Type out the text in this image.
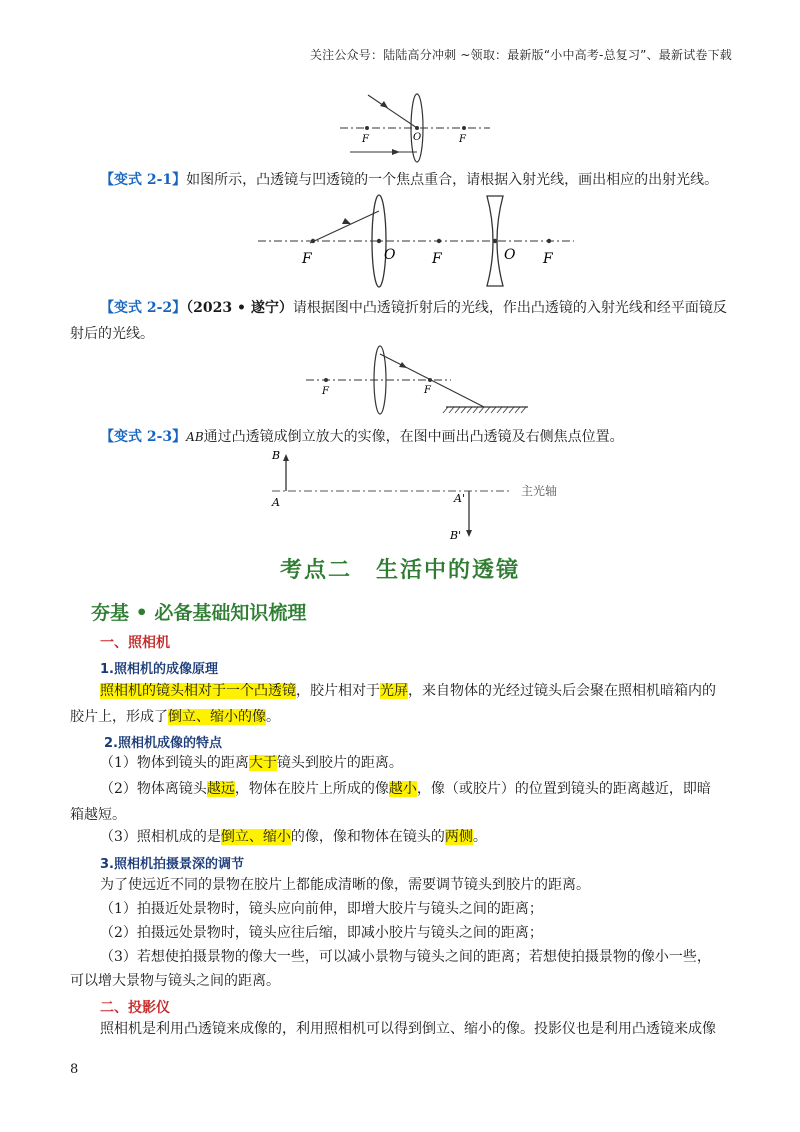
关注公众号：陆陆高分冲刺 ~领取：最新版“小中高考-总复习”、最新试卷下载
F	O	F
【变式 2-1】如图所示，凸透镜与凹透镜的一个焦点重合，请根据入射光线，画出相应的出射光线。
F	O	F	O F
【变式 2-2】（2023 • 遂宁）请根据图中凸透镜折射后的光线，作出凸透镜的入射光线和经平面镜反
射后的光线。
F	F
【变式 2-3】AB通过凸透镜成倒立放大的实像，在图中画出凸透镜及右侧焦点位置。
B
A	A'
B'
主光轴
考点二　生活中的透镜
夯基 • 必备基础知识梳理
一、照相机
1.照相机的成像原理
照相机的镜头相对于一个凸透镜，胶片相对于光屏，来自物体的光经过镜头后会聚在照相机暗箱内的
胶片上，形成了倒立、缩小的像。
2.照相机成像的特点
（1）物体到镜头的距离大于镜头到胶片的距离。
（2）物体离镜头越远，物体在胶片上所成的像越小，像（或胶片）的位置到镜头的距离越近，即暗
箱越短。
（3）照相机成的是倒立、缩小的像，像和物体在镜头的两侧。
3.照相机拍摄景深的调节
为了使远近不同的景物在胶片上都能成清晰的像，需要调节镜头到胶片的距离。
（1）拍摄近处景物时，镜头应向前伸，即增大胶片与镜头之间的距离；
（2）拍摄远处景物时，镜头应往后缩，即减小胶片与镜头之间的距离；
（3）若想使拍摄景物的像大一些，可以减小景物与镜头之间的距离；若想使拍摄景物的像小一些，
可以增大景物与镜头之间的距离。
二、投影仪
照相机是利用凸透镜来成像的，利用照相机可以得到倒立、缩小的像。投影仪也是利用凸透镜来成像
8
